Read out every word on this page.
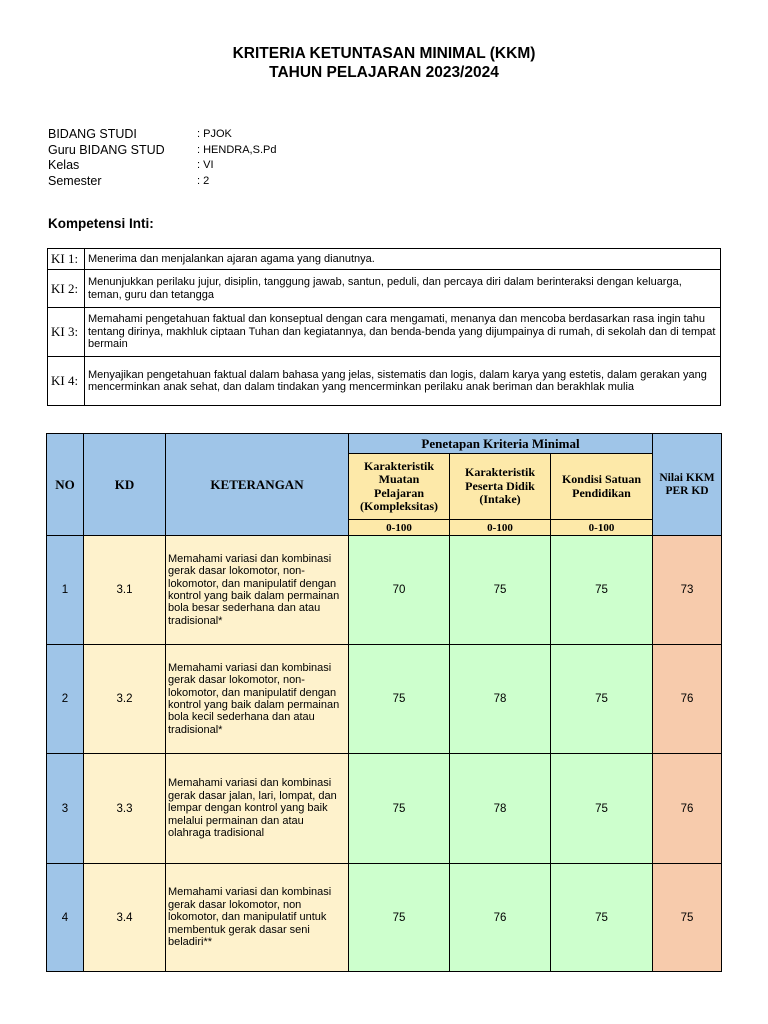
KRITERIA KETUNTASAN MINIMAL (KKM)
TAHUN PELAJARAN 2023/2024
BIDANG STUDI	: PJOK
Guru BIDANG STUD	: HENDRA,S.Pd
Kelas	: VI
Semester	: 2
Kompetensi Inti:
KI 1:	Menerima dan menjalankan ajaran agama yang dianutnya.
KI 2:	Menunjukkan perilaku jujur, disiplin, tanggung jawab, santun, peduli, dan percaya diri dalam berinteraksi dengan keluarga, teman, guru dan tetangga
KI 3:	Memahami pengetahuan faktual dan konseptual dengan cara mengamati, menanya dan mencoba berdasarkan rasa ingin tahu tentang dirinya, makhluk ciptaan Tuhan dan kegiatannya, dan benda-benda yang dijumpainya di rumah, di sekolah dan di tempat bermain
KI 4:	Menyajikan pengetahuan faktual dalam bahasa yang jelas, sistematis dan logis, dalam karya yang estetis, dalam gerakan yang mencerminkan anak sehat, dan dalam tindakan yang mencerminkan perilaku anak beriman dan berakhlak mulia
NO	KD	KETERANGAN	Penetapan Kriteria Minimal			Nilai KKM PER KD
			Karakteristik Muatan Pelajaran (Kompleksitas)	Karakteristik Peserta Didik (Intake)	Kondisi Satuan Pendidikan	
			0-100	0-100	0-100	
1	3.1	Memahami variasi dan kombinasi gerak dasar lokomotor, non-lokomotor, dan manipulatif dengan kontrol yang baik dalam permainan bola besar sederhana dan atau tradisional*	70	75	75	73
2	3.2	Memahami variasi dan kombinasi gerak dasar lokomotor, non-lokomotor, dan manipulatif dengan kontrol yang baik dalam permainan bola kecil sederhana dan atau tradisional*	75	78	75	76
3	3.3	Memahami variasi dan kombinasi gerak dasar jalan, lari, lompat, dan lempar dengan kontrol yang baik melalui permainan dan atau olahraga tradisional	75	78	75	76
4	3.4	Memahami variasi dan kombinasi gerak dasar lokomotor, non lokomotor, dan manipulatif untuk membentuk gerak dasar seni beladiri**	75	76	75	75
